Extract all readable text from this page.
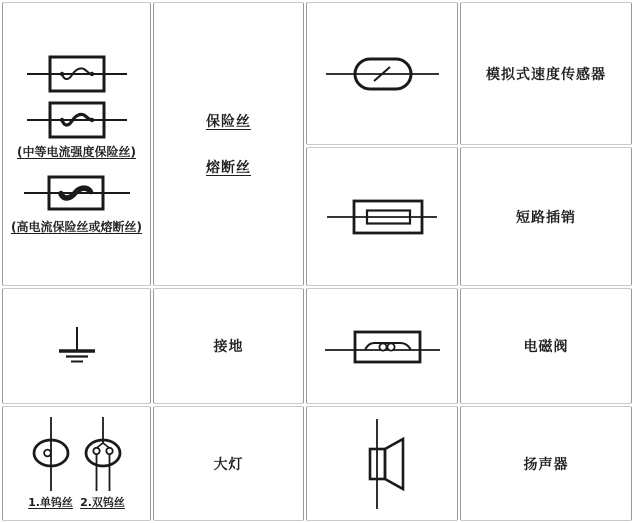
(中等电流强度保险丝)
(高电流保险丝或熔断丝)
保险丝
熔断丝
模拟式速度传感器
短路插销
接地	电磁阀
1.单钨丝 2.双钨丝
大灯	扬声器
